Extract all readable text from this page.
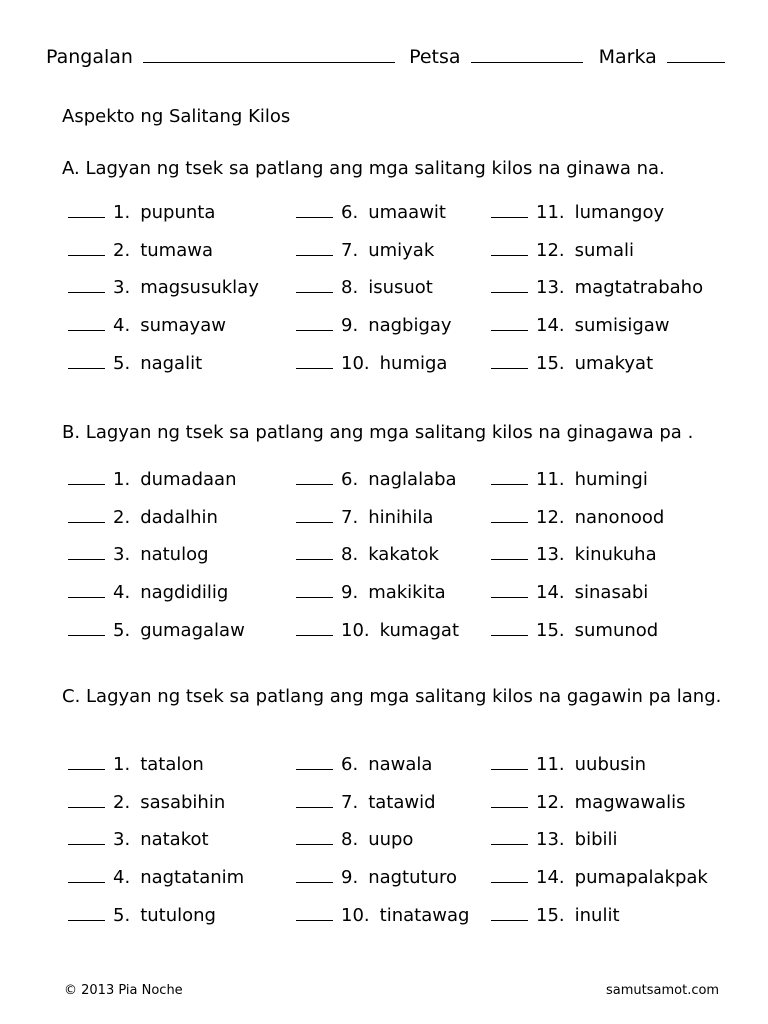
Pangalan	Petsa	Marka
Aspekto ng Salitang Kilos
A. Lagyan ng tsek sa patlang ang mga salitang kilos na ginawa na.
B. Lagyan ng tsek sa patlang ang mga salitang kilos na ginagawa pa .
C. Lagyan ng tsek sa patlang ang mga salitang kilos na gagawin pa lang.
1. pupunta
2. tumawa
3. magsusuklay
4. sumayaw
5. nagalit
6. umaawit
7. umiyak
8. isusuot
9. nagbigay
10. humiga
11. lumangoy
12. sumali
13. magtatrabaho
14. sumisigaw
15. umakyat
1. dumadaan
2. dadalhin
3. natulog
4. nagdidilig
5. gumagalaw
6. naglalaba
7. hinihila
8. kakatok
9. makikita
10. kumagat
11. humingi
12. nanonood
13. kinukuha
14. sinasabi
15. sumunod
1. tatalon
2. sasabihin
3. natakot
4. nagtatanim
5. tutulong
6. nawala
7. tatawid
8. uupo
9. nagtuturo
10. tinatawag
11. uubusin
12. magwawalis
13. bibili
14. pumapalakpak
15. inulit
© 2013 Pia Noche	samutsamot.com
